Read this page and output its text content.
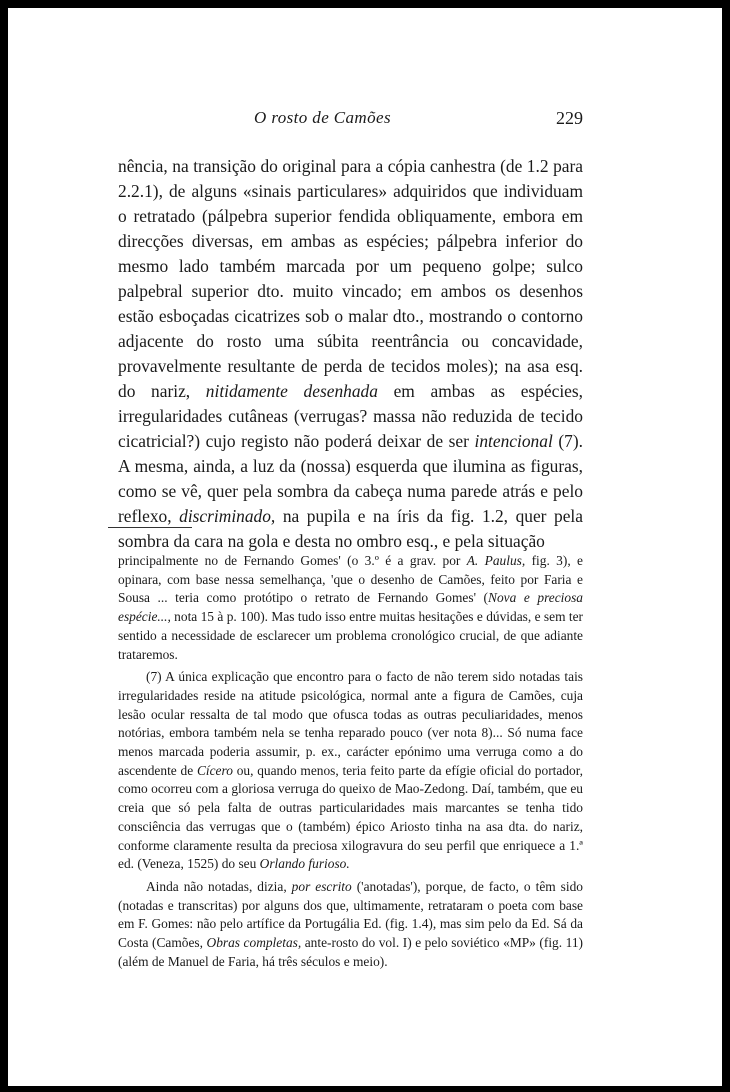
O rosto de Camões	229

nência, na transição do original para a cópia canhestra (de 1.2 para 2.2.1), de alguns «sinais particulares» adquiridos que individuam o retratado (pálpebra superior fendida obliquamente, embora em direcções diversas, em ambas as espécies; pálpebra inferior do mesmo lado também marcada por um pequeno golpe; sulco palpebral superior dto. muito vincado; em ambos os desenhos estão esboçadas cicatrizes sob o malar dto., mostrando o contorno adjacente do rosto uma súbita reentrância ou concavidade, provavelmente resultante de perda de tecidos moles); na asa esq. do nariz, nitidamente desenhada em ambas as espécies, irregularidades cutâneas (verrugas? massa não reduzida de tecido cicatricial?) cujo registo não poderá deixar de ser intencional (7). A mesma, ainda, a luz da (nossa) esquerda que ilumina as figuras, como se vê, quer pela sombra da cabeça numa parede atrás e pelo reflexo, discriminado, na pupila e na íris da fig. 1.2, quer pela sombra da cara na gola e desta no ombro esq., e pela situação

principalmente no de Fernando Gomes' (o 3.º é a grav. por A. Paulus, fig. 3), e opinara, com base nessa semelhança, 'que o desenho de Camões, feito por Faria e Sousa ... teria como protótipo o retrato de Fernando Gomes' (Nova e preciosa espécie..., nota 15 à p. 100). Mas tudo isso entre muitas hesitações e dúvidas, e sem ter sentido a necessidade de esclarecer um problema cronológico crucial, de que adiante trataremos.

(7) A única explicação que encontro para o facto de não terem sido notadas tais irregularidades reside na atitude psicológica, normal ante a figura de Camões, cuja lesão ocular ressalta de tal modo que ofusca todas as outras peculiaridades, menos notórias, embora também nela se tenha reparado pouco (ver nota 8)... Só numa face menos marcada poderia assumir, p. ex., carácter epónimo uma verruga como a do ascendente de Cícero ou, quando menos, teria feito parte da efígie oficial do portador, como ocorreu com a gloriosa verruga do queixo de Mao-Zedong. Daí, também, que eu creia que só pela falta de outras particularidades mais marcantes se tenha tido consciência das verrugas que o (também) épico Ariosto tinha na asa dta. do nariz, conforme claramente resulta da preciosa xilogravura do seu perfil que enriquece a 1.ª ed. (Veneza, 1525) do seu Orlando furioso.

Ainda não notadas, dizia, por escrito ('anotadas'), porque, de facto, o têm sido (notadas e transcritas) por alguns dos que, ultimamente, retrataram o poeta com base em F. Gomes: não pelo artífice da Portugália Ed. (fig. 1.4), mas sim pelo da Ed. Sá da Costa (Camões, Obras completas, ante-rosto do vol. I) e pelo soviético «MP» (fig. 11) (além de Manuel de Faria, há três séculos e meio).
